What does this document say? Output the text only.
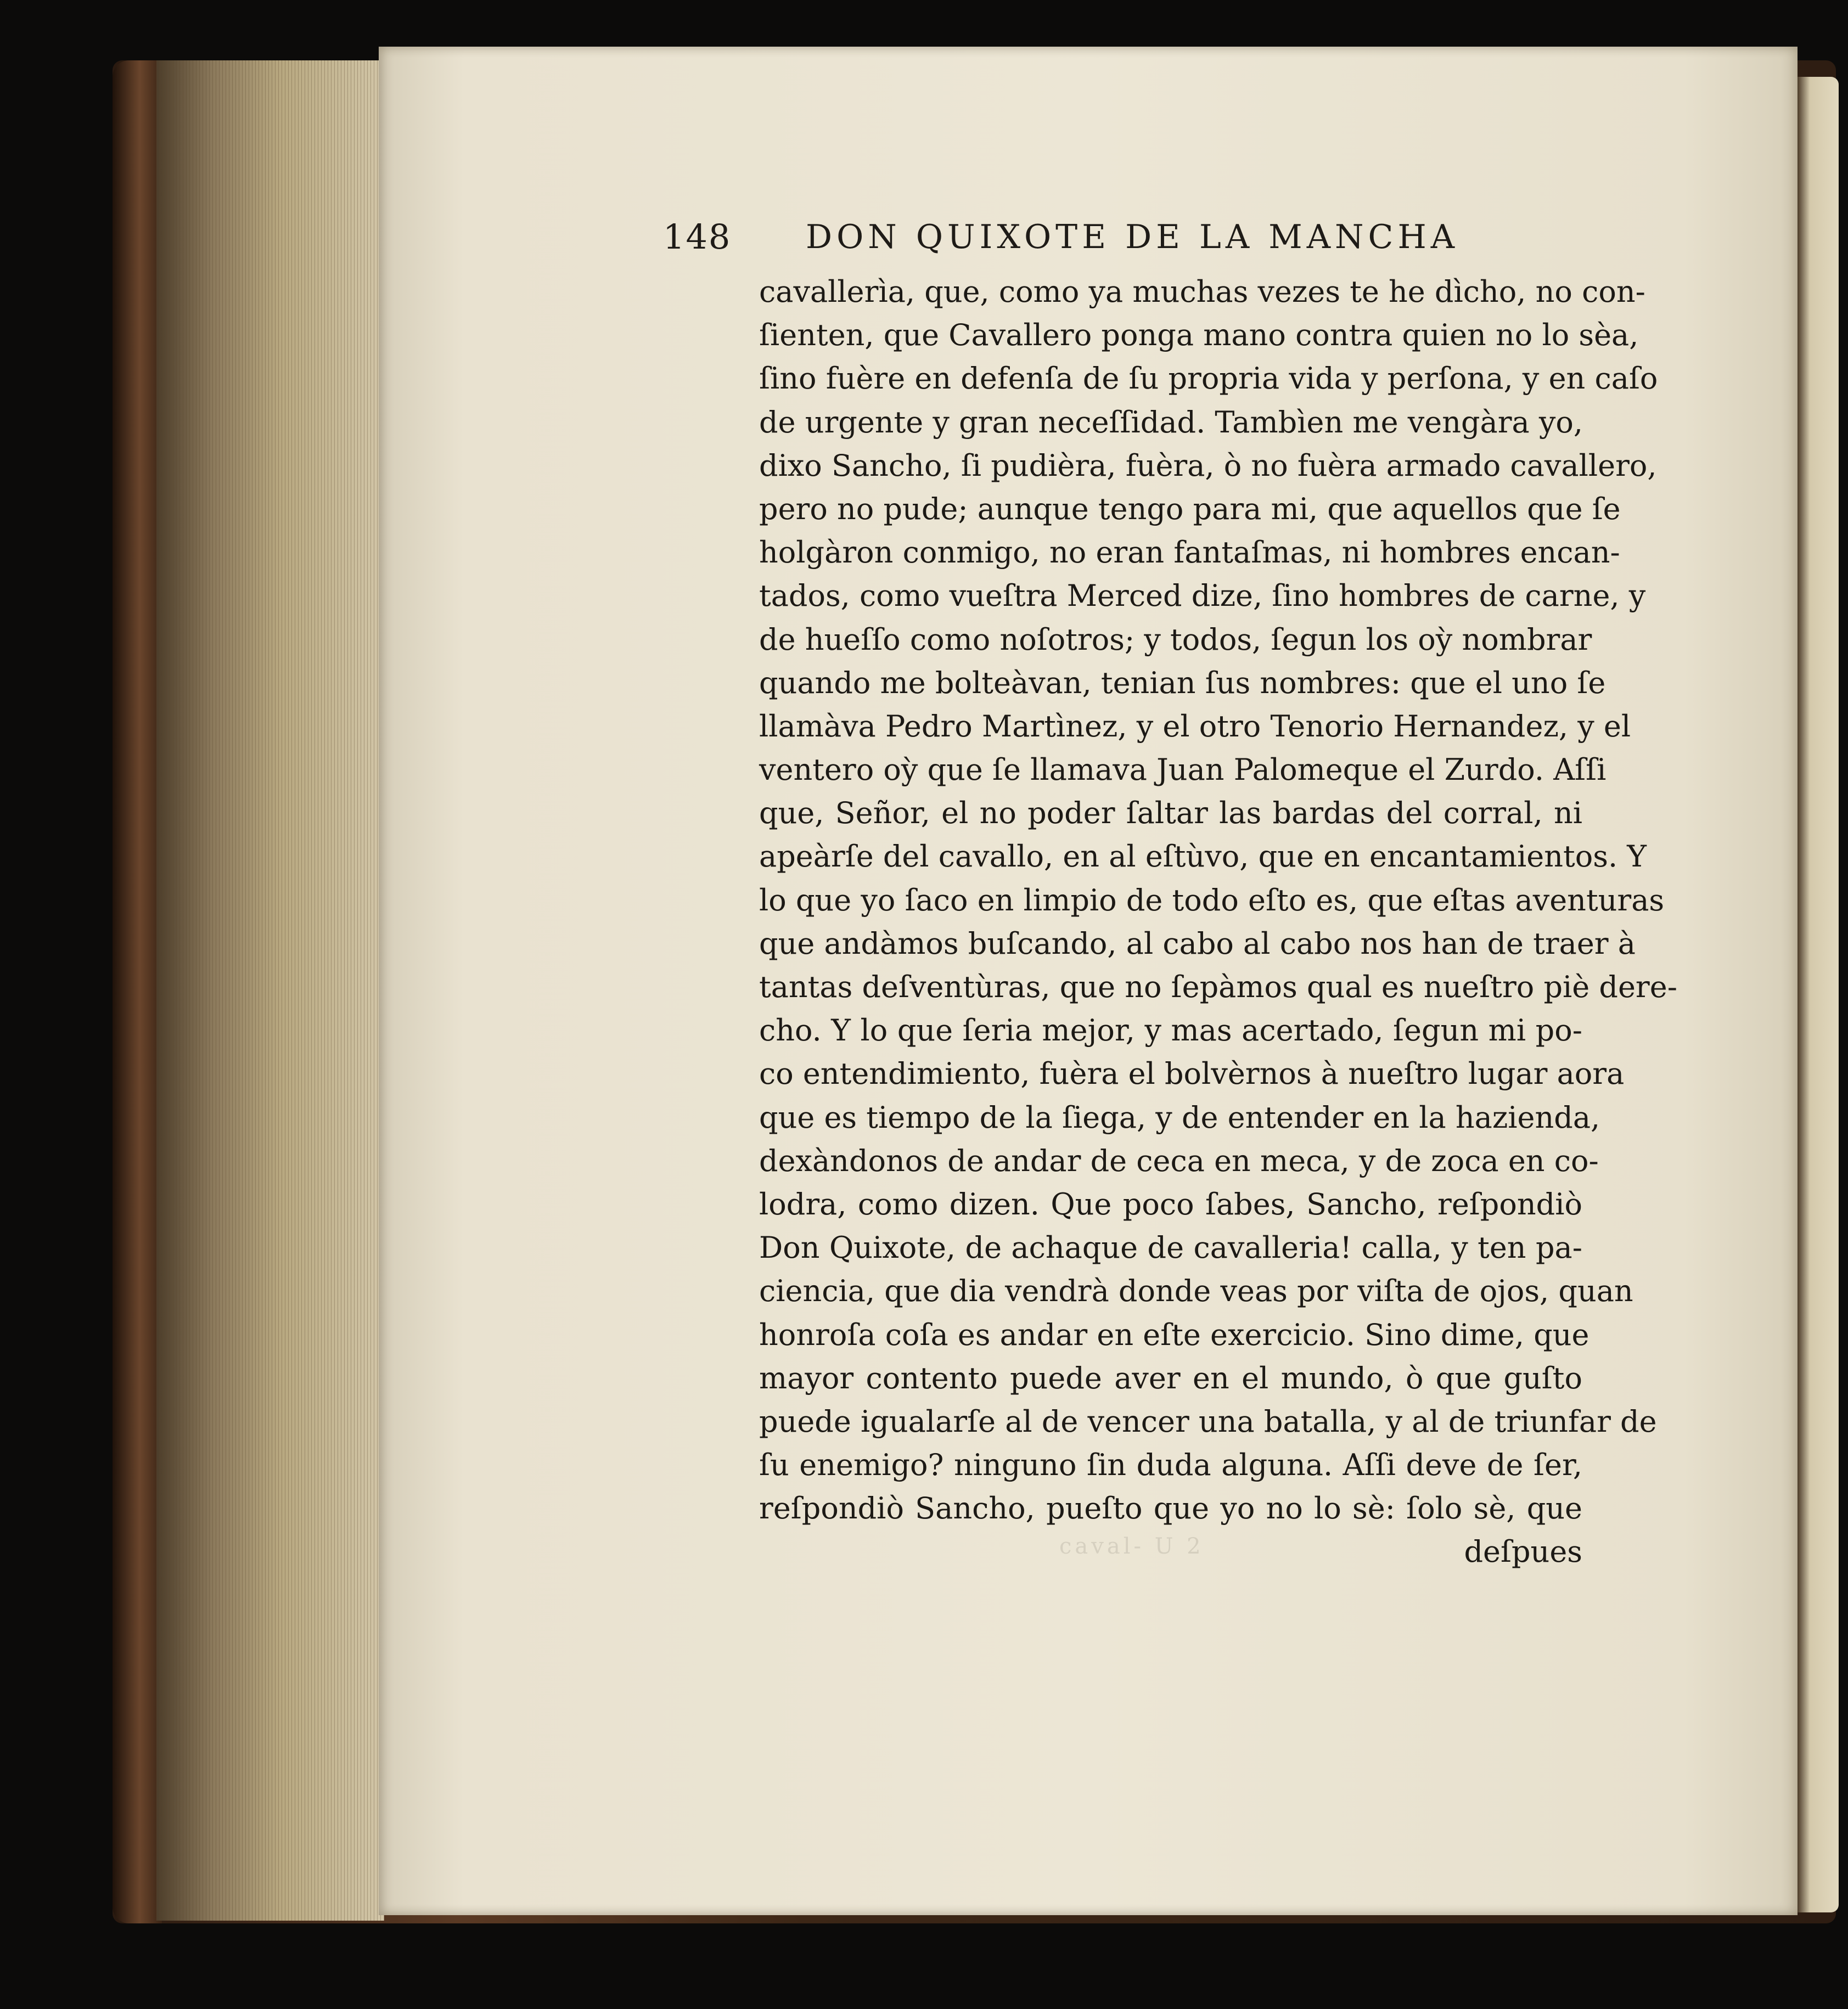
148 DON QUIXOTE DE LA MANCHA
caval- U 2
cavallerìa, que, como ya muchas vezes te he dìcho, no con-
ſienten, que Cavallero ponga mano contra quien no lo sèa,
ſino fuère en defenſa de ſu propria vida y perſona, y en caſo
de urgente y gran neceſſidad. Tambìen me vengàra yo,
dixo Sancho, ſi pudièra, fuèra, ò no fuèra armado cavallero,
pero no pude; aunque tengo para mi, que aquellos que ſe
holgàron conmigo, no eran fantaſmas, ni hombres encan-
tados, como vueſtra Merced dize, ſino hombres de carne, y
de hueſſo como noſotros; y todos, ſegun los oỳ nombrar
quando me bolteàvan, tenian ſus nombres: que el uno ſe
llamàva Pedro Martìnez, y el otro Tenorio Hernandez, y el
ventero oỳ que ſe llamava Juan Palomeque el Zurdo. Aſſi
que, Señor, el no poder ſaltar las bardas del corral, ni
apeàrſe del cavallo, en al eſtùvo, que en encantamientos. Y
lo que yo ſaco en limpio de todo eſto es, que eſtas aventuras
que andàmos buſcando, al cabo al cabo nos han de traer à
tantas deſventùras, que no ſepàmos qual es nueſtro piè dere-
cho. Y lo que ſeria mejor, y mas acertado, ſegun mi po-
co entendimiento, fuèra el bolvèrnos à nueſtro lugar aora
que es tiempo de la ſiega, y de entender en la hazienda,
dexàndonos de andar de ceca en meca, y de zoca en co-
lodra, como dizen. Que poco ſabes, Sancho, reſpondiò
Don Quixote, de achaque de cavalleria! calla, y ten pa-
ciencia, que dia vendrà donde veas por viſta de ojos, quan
honroſa coſa es andar en eſte exercicio. Sino dime, que
mayor contento puede aver en el mundo, ò que guſto
puede igualarſe al de vencer una batalla, y al de triunfar de
ſu enemigo? ninguno ſin duda alguna. Aſſi deve de ſer,
reſpondiò Sancho, pueſto que yo no lo sè: ſolo sè, que
deſpues
